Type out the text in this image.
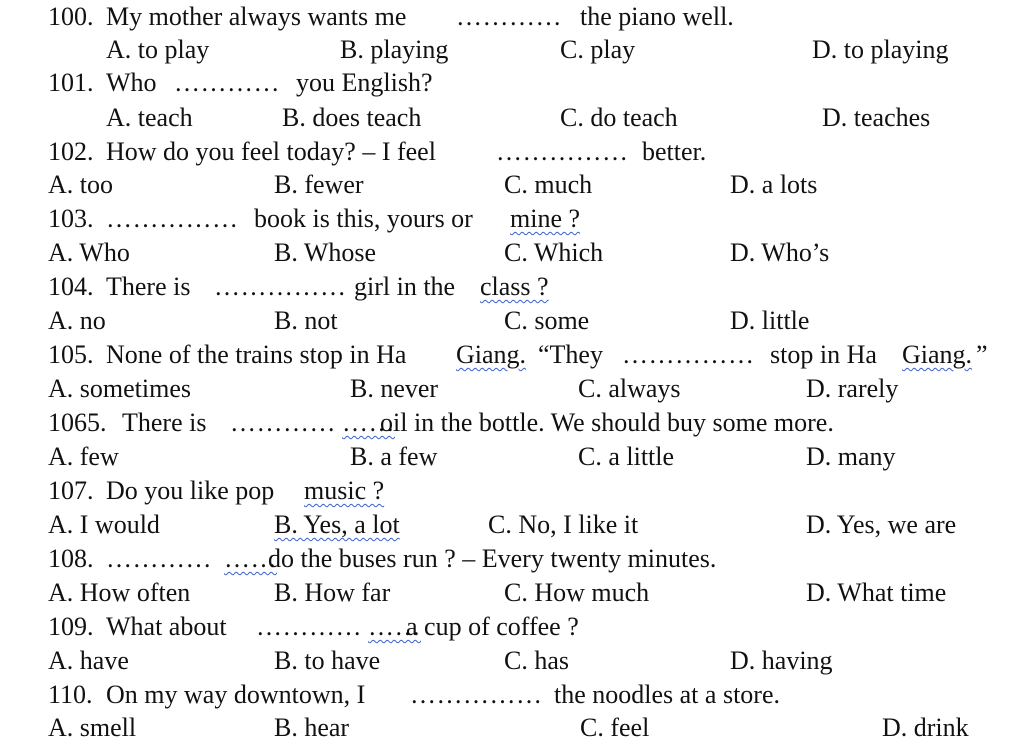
100. My mother always wants me ………… the piano well.
A. to play	B. playing	C. play	D. to playing
101. Who ………… you English?
A. teach	B. does teach	C. do teach	D. teaches
102. How do you feel today? – I feel …………… better.
A. too	B. fewer	C. much	D. a lots
103. …………… book is this, yours or mine ?
A. Who	B. Whose	C. Which	D. Who’s
104. There is …………… girl in the class ?
A. no	B. not	C. some	D. little
105. None of the trains stop in Ha Giang. “They …………… stop in Ha Giang. ”
A. sometimes	B. never	C. always	D. rarely
1065. There is ………… ……
oil in the bottle. We should buy some more.
A. few	B. a few	C. a little	D. many
107. Do you like pop music ?
A. I would	B. Yes, a lot	C. No, I like it	D. Yes, we are
108. ………… ……
do the buses run ? – Every twenty minutes.
A. How often	B. How far	C. How much	D. What time
109. What about ………… ……
a cup of coffee ?
A. have	B. to have	C. has	D. having
110. On my way downtown, I …………… the noodles at a store.
A. smell	B. hear	C. feel	D. drink
